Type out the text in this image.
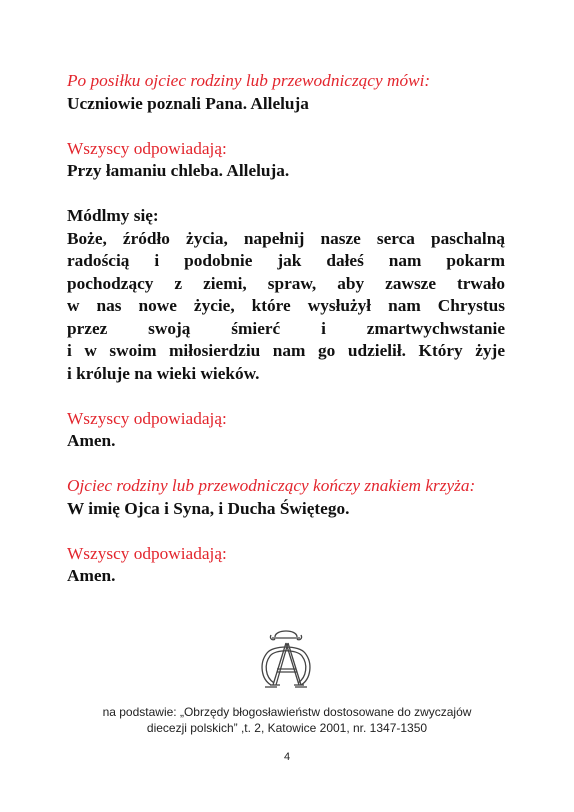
Po posiłku ojciec rodziny lub przewodniczący mówi:

Uczniowie poznali Pana. Alleluja

Wszyscy odpowiadają:

Przy łamaniu chleba. Alleluja.

Módlmy się:

Boże, źródło życia, napełnij nasze serca paschalną

radością i podobnie jak dałeś nam pokarm

pochodzący z ziemi, spraw, aby zawsze trwało

w nas nowe życie, które wysłużył nam Chrystus

przez swoją śmierć i zmartwychwstanie

i w swoim miłosierdziu nam go udzielił. Który żyje

i króluje na wieki wieków.

Wszyscy odpowiadają:

Amen.

Ojciec rodziny lub przewodniczący kończy znakiem krzyża:

W imię Ojca i Syna, i Ducha Świętego.

Wszyscy odpowiadają:

Amen.

na podstawie: „Obrzędy błogosławieństw dostosowane do zwyczajów
diecezji polskich” ,t. 2, Katowice 2001, nr. 1347-1350
4
